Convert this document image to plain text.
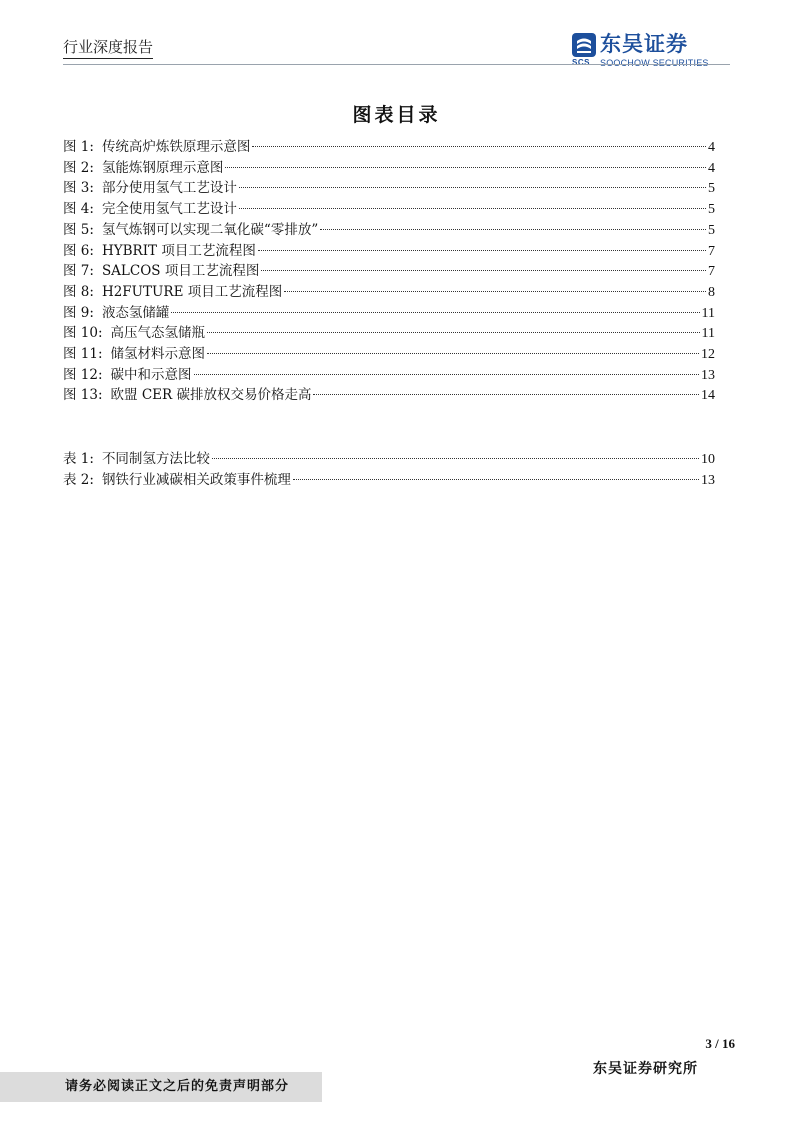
行业深度报告	东吴证券
SCS SOOCHOW SECURITIES
图表目录
图 1: 传统高炉炼铁原理示意图	4
图 2: 氢能炼钢原理示意图	4
图 3: 部分使用氢气工艺设计	5
图 4: 完全使用氢气工艺设计	5
图 5: 氢气炼钢可以实现二氧化碳“零排放”	5
图 6: HYBRIT 项目工艺流程图	7
图 7: SALCOS 项目工艺流程图	7
图 8: H2FUTURE 项目工艺流程图	8
图 9: 液态氢储罐	11
图 10: 高压气态氢储瓶	11
图 11: 储氢材料示意图	12
图 12: 碳中和示意图	13
图 13: 欧盟 CER 碳排放权交易价格走高	14
表 1: 不同制氢方法比较	10
表 2: 钢铁行业减碳相关政策事件梳理	13
3 / 16
东吴证券研究所
请务必阅读正文之后的免责声明部分
